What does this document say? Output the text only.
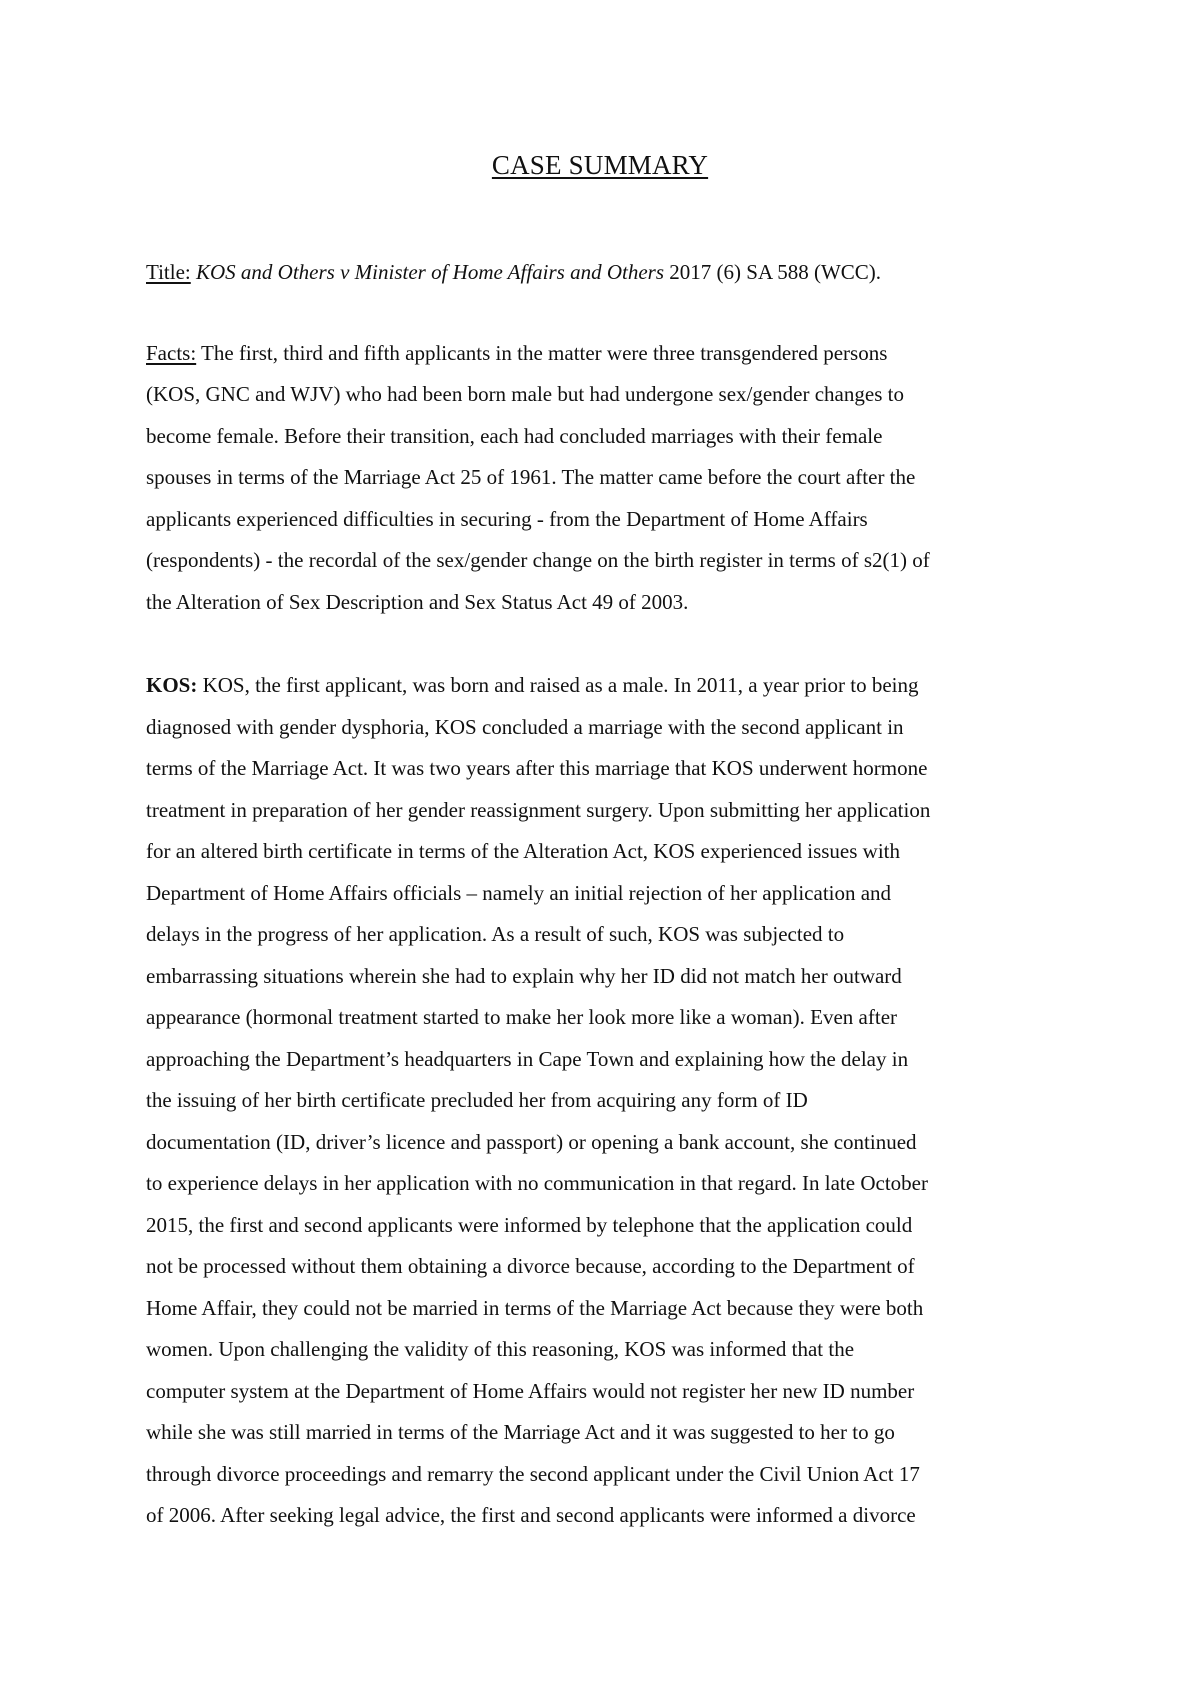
CASE SUMMARY
Title: KOS and Others v Minister of Home Affairs and Others 2017 (6) SA 588 (WCC).
Facts: The first, third and fifth applicants in the matter were three transgendered persons
(KOS, GNC and WJV) who had been born male but had undergone sex/gender changes to
become female. Before their transition, each had concluded marriages with their female
spouses in terms of the Marriage Act 25 of 1961. The matter came before the court after the
applicants experienced difficulties in securing - from the Department of Home Affairs
(respondents) - the recordal of the sex/gender change on the birth register in terms of s2(1) of
the Alteration of Sex Description and Sex Status Act 49 of 2003.
KOS: KOS, the first applicant, was born and raised as a male. In 2011, a year prior to being
diagnosed with gender dysphoria, KOS concluded a marriage with the second applicant in
terms of the Marriage Act. It was two years after this marriage that KOS underwent hormone
treatment in preparation of her gender reassignment surgery. Upon submitting her application
for an altered birth certificate in terms of the Alteration Act, KOS experienced issues with
Department of Home Affairs officials – namely an initial rejection of her application and
delays in the progress of her application. As a result of such, KOS was subjected to
embarrassing situations wherein she had to explain why her ID did not match her outward
appearance (hormonal treatment started to make her look more like a woman). Even after
approaching the Department’s headquarters in Cape Town and explaining how the delay in
the issuing of her birth certificate precluded her from acquiring any form of ID
documentation (ID, driver’s licence and passport) or opening a bank account, she continued
to experience delays in her application with no communication in that regard. In late October
2015, the first and second applicants were informed by telephone that the application could
not be processed without them obtaining a divorce because, according to the Department of
Home Affair, they could not be married in terms of the Marriage Act because they were both
women. Upon challenging the validity of this reasoning, KOS was informed that the
computer system at the Department of Home Affairs would not register her new ID number
while she was still married in terms of the Marriage Act and it was suggested to her to go
through divorce proceedings and remarry the second applicant under the Civil Union Act 17
of 2006. After seeking legal advice, the first and second applicants were informed a divorce
